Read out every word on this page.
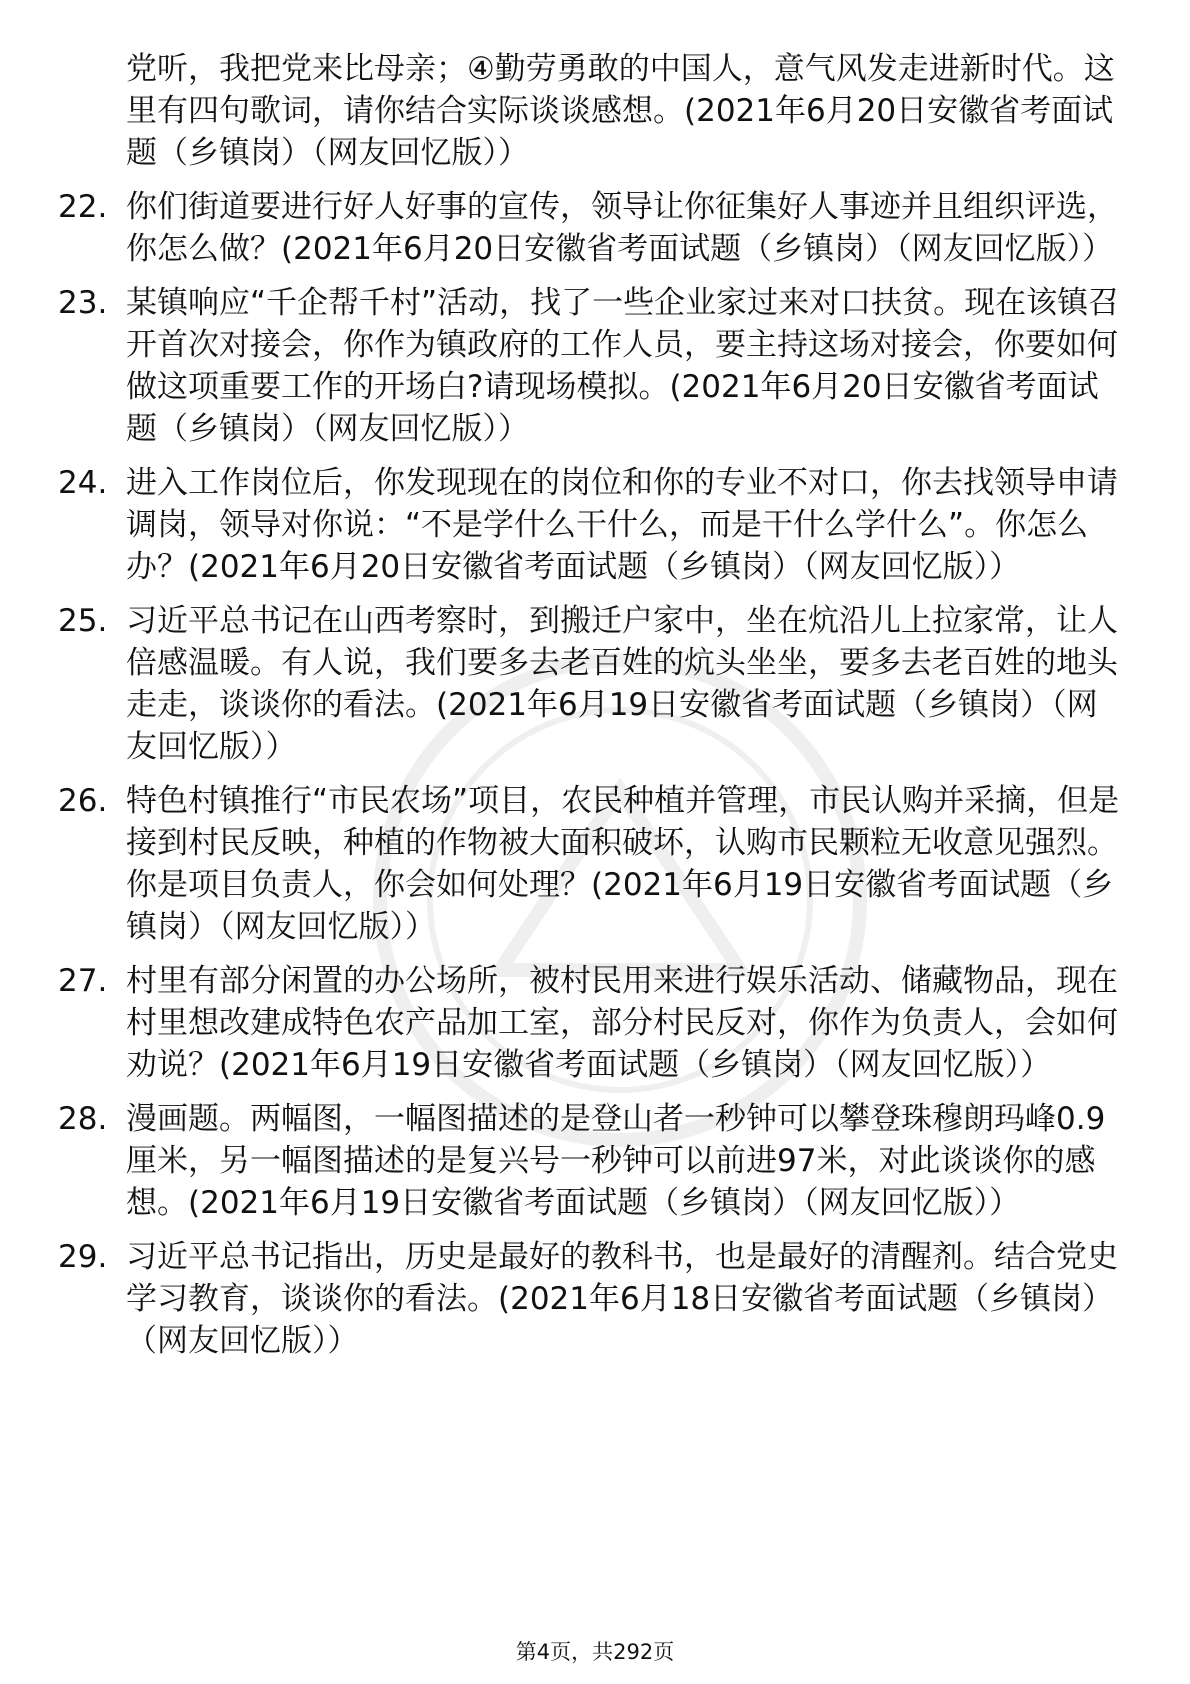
党听，我把党来比母亲；④勤劳勇敢的中国人，意气风发走进新时代。这里有四句歌词，请你结合实际谈谈感想。(2021年6月20日安徽省考面试题（乡镇岗）（网友回忆版））
22. 你们街道要进行好人好事的宣传，领导让你征集好人事迹并且组织评选，你怎么做？(2021年6月20日安徽省考面试题（乡镇岗）（网友回忆版））
23. 某镇响应“千企帮千村”活动，找了一些企业家过来对口扶贫。现在该镇召开首次对接会，你作为镇政府的工作人员，要主持这场对接会，你要如何做这项重要工作的开场白?请现场模拟。(2021年6月20日安徽省考面试题（乡镇岗）（网友回忆版））
24. 进入工作岗位后，你发现现在的岗位和你的专业不对口，你去找领导申请调岗，领导对你说：“不是学什么干什么，而是干什么学什么”。你怎么办？(2021年6月20日安徽省考面试题（乡镇岗）（网友回忆版））
25. 习近平总书记在山西考察时，到搬迁户家中，坐在炕沿儿上拉家常，让人倍感温暖。有人说，我们要多去老百姓的炕头坐坐，要多去老百姓的地头走走，谈谈你的看法。(2021年6月19日安徽省考面试题（乡镇岗）（网友回忆版））
26. 特色村镇推行“市民农场”项目，农民种植并管理，市民认购并采摘，但是接到村民反映，种植的作物被大面积破坏，认购市民颗粒无收意见强烈。你是项目负责人，你会如何处理？(2021年6月19日安徽省考面试题（乡镇岗）（网友回忆版））
27. 村里有部分闲置的办公场所，被村民用来进行娱乐活动、储藏物品，现在村里想改建成特色农产品加工室，部分村民反对，你作为负责人，会如何劝说？(2021年6月19日安徽省考面试题（乡镇岗）（网友回忆版））
28. 漫画题。两幅图，一幅图描述的是登山者一秒钟可以攀登珠穆朗玛峰0.9厘米，另一幅图描述的是复兴号一秒钟可以前进97米，对此谈谈你的感想。(2021年6月19日安徽省考面试题（乡镇岗）（网友回忆版））
29. 习近平总书记指出，历史是最好的教科书，也是最好的清醒剂。结合党史学习教育，谈谈你的看法。(2021年6月18日安徽省考面试题（乡镇岗）（网友回忆版））
第4页，共292页
